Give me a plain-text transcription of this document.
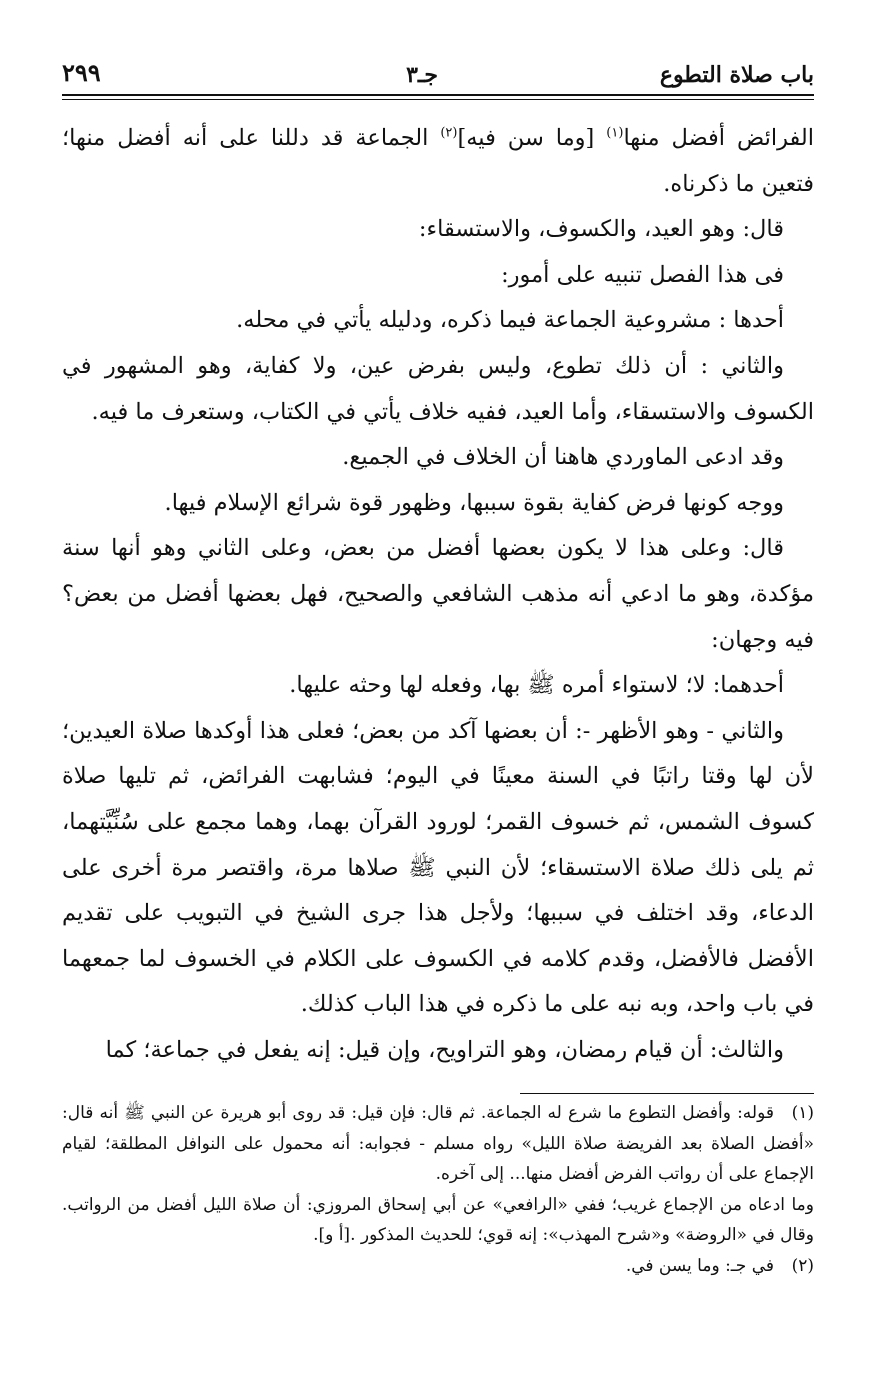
باب صلاة التطوع
جـ٣
٢٩٩

الفرائض أفضل منها$^{(١)}$ [وما سن فيه]$^{(٢)}$ الجماعة قد دللنا على أنه أفضل منها؛ فتعين ما ذكرناه.

قال: وهو العيد، والكسوف، والاستسقاء:

فى هذا الفصل تنبيه على أمور:

أحدها : مشروعية الجماعة فيما ذكره، ودليله يأتي في محله.

والثاني : أن ذلك تطوع، وليس بفرض عين، ولا كفاية، وهو المشهور في الكسوف والاستسقاء، وأما العيد، ففيه خلاف يأتي في الكتاب، وستعرف ما فيه.

وقد ادعى الماوردي هاهنا أن الخلاف في الجميع.

ووجه كونها فرض كفاية بقوة سببها، وظهور قوة شرائع الإسلام فيها.

قال: وعلى هذا لا يكون بعضها أفضل من بعض، وعلى الثاني وهو أنها سنة مؤكدة، وهو ما ادعي أنه مذهب الشافعي والصحيح، فهل بعضها أفضل من بعض؟ فيه وجهان:

أحدهما: لا؛ لاستواء أمره ﷺ بها، وفعله لها وحثه عليها.

والثاني - وهو الأظهر -: أن بعضها آكد من بعض؛ فعلى هذا أوكدها صلاة العيدين؛ لأن لها وقتا راتبًا في السنة معينًا في اليوم؛ فشابهت الفرائض، ثم تليها صلاة كسوف الشمس، ثم خسوف القمر؛ لورود القرآن بهما، وهما مجمع على سُنِّيَّتهما، ثم يلى ذلك صلاة الاستسقاء؛ لأن النبي ﷺ صلاها مرة، واقتصر مرة أخرى على الدعاء، وقد اختلف في سببها؛ ولأجل هذا جرى الشيخ في التبويب على تقديم الأفضل فالأفضل، وقدم كلامه في الكسوف على الكلام في الخسوف لما جمعهما في باب واحد، وبه نبه على ما ذكره في هذا الباب كذلك.

والثالث: أن قيام رمضان، وهو التراويح، وإن قيل: إنه يفعل في جماعة؛ كما

(١)قوله: وأفضل التطوع ما شرع له الجماعة. ثم قال: فإن قيل: قد روى أبو هريرة عن النبي ﷺ أنه قال: «أفضل الصلاة بعد الفريضة صلاة الليل» رواه مسلم - فجوابه: أنه محمول على النوافل المطلقة؛ لقيام الإجماع على أن رواتب الفرض أفضل منها... إلى آخره.

وما ادعاه من الإجماع غريب؛ ففي «الرافعي» عن أبي إسحاق المروزي: أن صلاة الليل أفضل من الرواتب. وقال في «الروضة» و«شرح المهذب»: إنه قوي؛ للحديث المذكور .[أ و].

(٢)في جـ: وما يسن في.
